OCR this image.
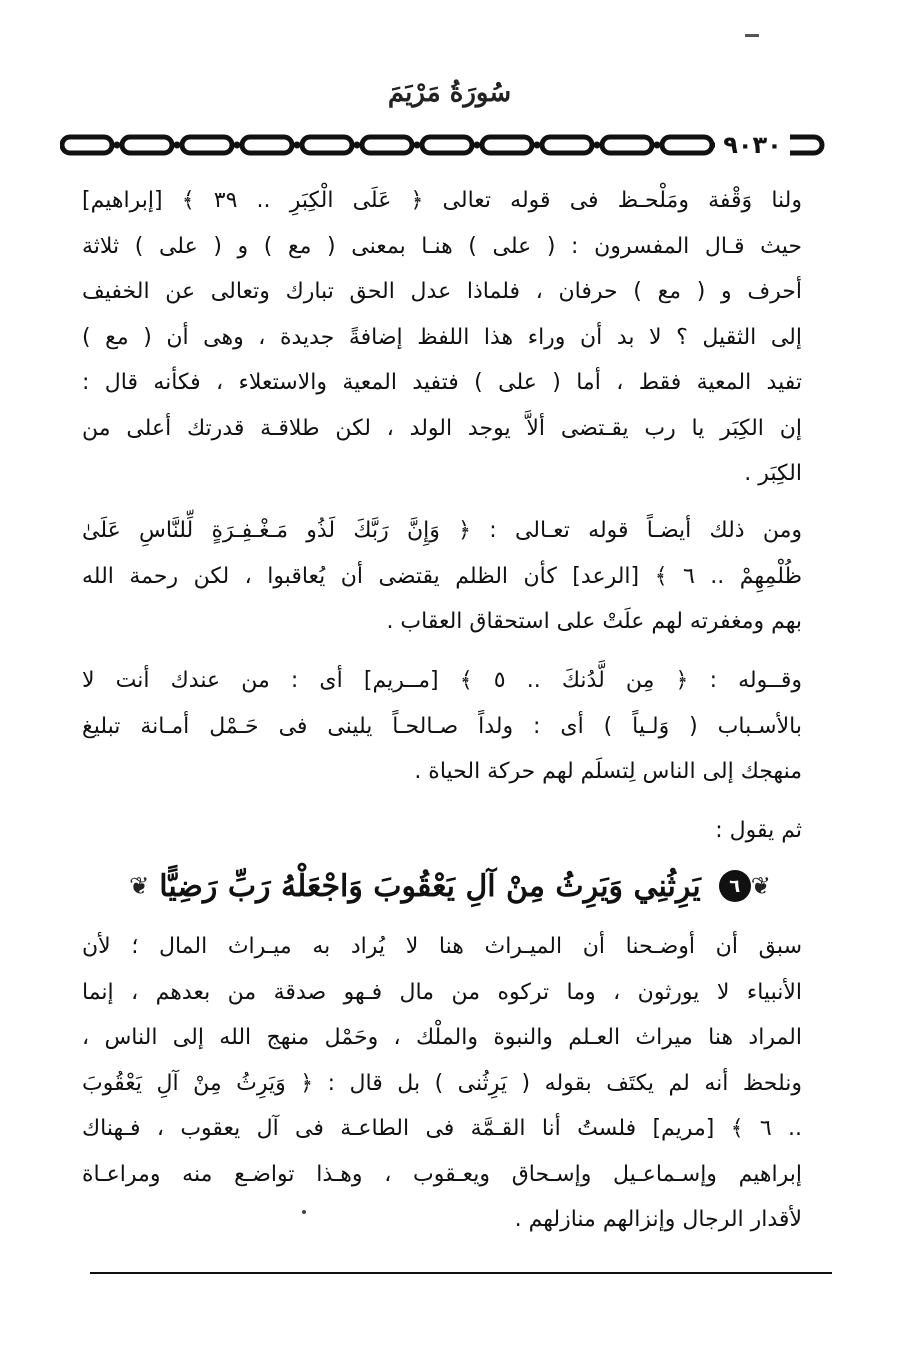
سُورَةُ مَرْيَمَ
٩٠٣٠
ولنا وَقْفة ومَلْحـظ فى قوله تعالى ﴿ عَلَى الْكِبَرِ .. ٣٩ ﴾ [إبراهيم]
حيث قـال المفسرون : ( على ) هنـا بمعنى ( مع ) و ( على ) ثلاثة
أحرف و ( مع ) حرفان ، فلماذا عدل الحق تبارك وتعالى عن الخفيف
إلى الثقيل ؟ لا بد أن وراء هذا اللفظ إضافةً جديدة ، وهى أن ( مع )
تفيد المعية فقط ، أما ( على ) فتفيد المعية والاستعلاء ، فكأنه قال :
إن الكِبَر يا رب يقـتضى ألاَّ يوجد الولد ، لكن طلاقـة قدرتك أعلى من
الكِبَر .
ومن ذلك أيضـاً قوله تعـالى : ﴿ وَإِنَّ رَبَّكَ لَذُو مَـغْـفِـرَةٍ لِّلنَّاسِ عَلَىٰ
ظُلْمِهِمْ .. ٦ ﴾ [الرعد] كأن الظلم يقتضى أن يُعاقبوا ، لكن رحمة الله
بهم ومغفرته لهم علَتْ على استحقاق العقاب .
وقــوله : ﴿ مِن لَّدُنكَ .. ٥ ﴾ [مــريم] أى : من عندك أنت لا
بالأسـباب ( وَلـياً ) أى : ولداً صـالحـاً يلينى فى حَـمْل أمـانة تبليغ
منهجك إلى الناس لِتسلَم لهم حركة الحياة .
ثم يقول :
❦
٦
يَرِثُنِي وَيَرِثُ مِنْ آلِ يَعْقُوبَ وَاجْعَلْهُ رَبِّ رَضِيًّا
❦
سبق أن أوضـحنا أن الميـراث هنا لا يُراد به ميـراث المال ؛ لأن
الأنبياء لا يورثون ، وما تركوه من مال فـهو صدقة من بعدهم ، إنما
المراد هنا ميراث العـلم والنبوة والملْك ، وحَمْل منهج الله إلى الناس ،
ونلحظ أنه لم يكتَف بقوله ( يَرِثُنى ) بل قال : ﴿ وَيَرِثُ مِنْ آلِ يَعْقُوبَ
.. ٦ ﴾ [مريم] فلستُ أنا القـمَّة فى الطاعـة فى آل يعقوب ، فـهناك
إبراهيم وإسـماعـيل وإسـحاق ويعـقوب ، وهـذا تواضـع منه ومراعـاة
لأقدار الرجال وإنزالهم منازلهم .
